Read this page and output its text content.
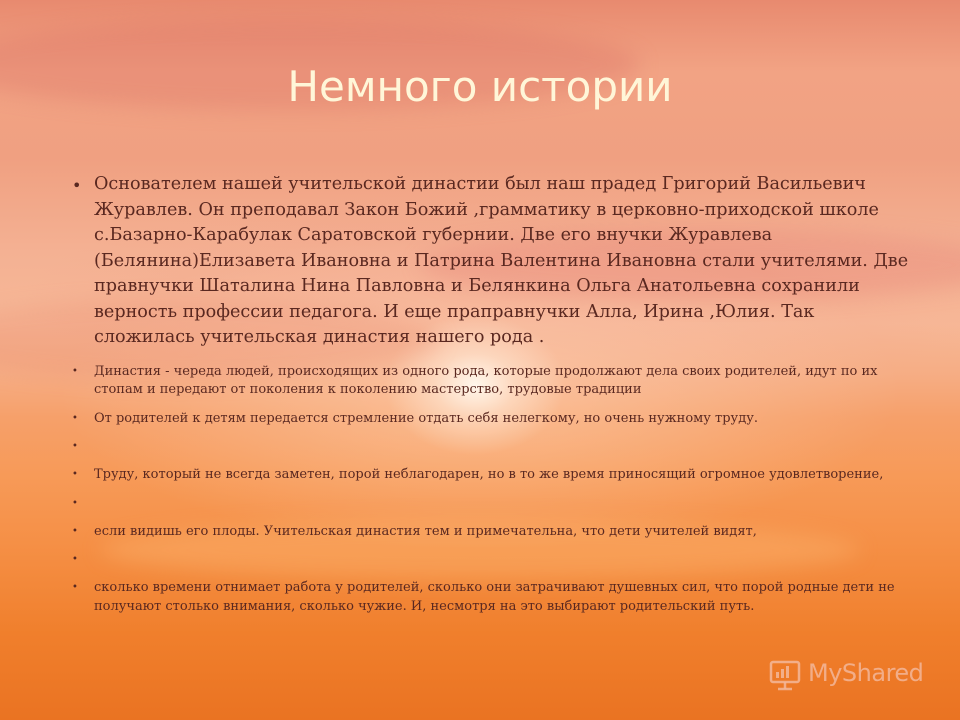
Немного истории
• Основателем нашей учительской династии был наш прадед Григорий Васильевич Журавлев. Он преподавал Закон Божий ,грамматику в церковно-приходской школе с.Базарно-Карабулак Саратовской губернии. Две его внучки Журавлева (Белянина)Елизавета Ивановна и Патрина Валентина Ивановна стали учителями. Две правнучки Шаталина Нина Павловна и Белянкина Ольга Анатольевна сохранили верность профессии педагога. И еще праправнучки Алла, Ирина ,Юлия. Так сложилась учительская династия нашего рода .
• Династия - череда людей, происходящих из одного рода, которые продолжают дела своих родителей, идут по их стопам и передают от поколения к поколению мастерство, трудовые традиции
• От родителей к детям передается стремление отдать себя нелегкому, но очень нужному труду.
•
• Труду, который не всегда заметен, порой неблагодарен, но в то же время приносящий огромное удовлетворение,
•
• если видишь его плоды. Учительская династия тем и примечательна, что дети учителей видят,
•
• сколько времени отнимает работа у родителей, сколько они затрачивают душевных сил, что порой родные дети не получают столько внимания, сколько чужие. И, несмотря на это выбирают родительский путь.
MyShared
